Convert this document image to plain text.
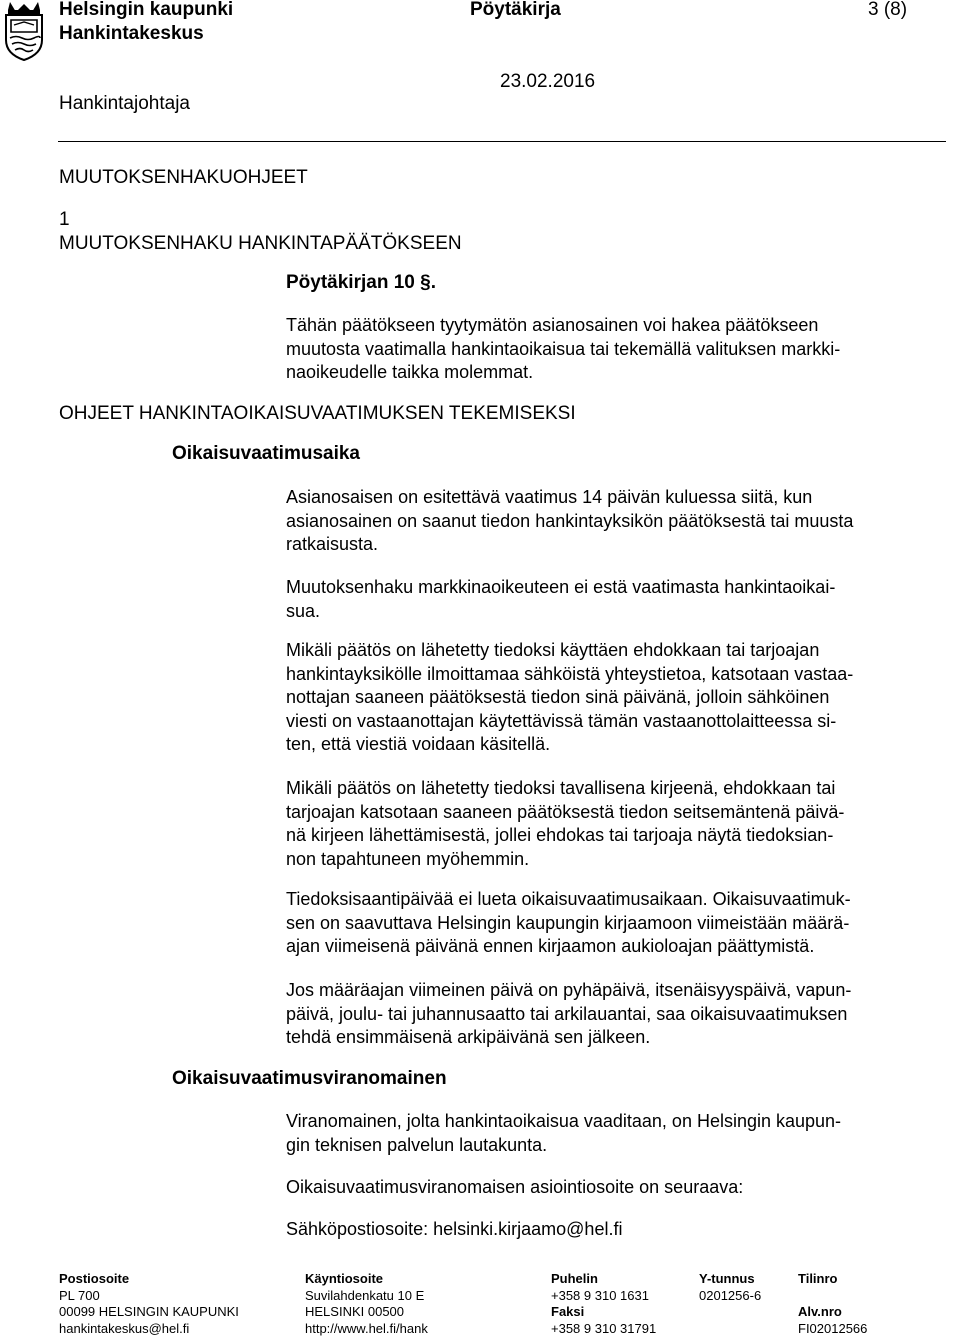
Helsingin kaupunki
Hankintakeskus
Pöytäkirja	3 (8)
23.02.2016
Hankintajohtaja
MUUTOKSENHAKUOHJEET
1
MUUTOKSENHAKU HANKINTAPÄÄTÖKSEEN
Pöytäkirjan 10 §.
Tähän päätökseen tyytymätön asianosainen voi hakea päätökseen
muutosta vaatimalla hankintaoikaisua tai tekemällä valituksen markki-
naoikeudelle taikka molemmat.
OHJEET HANKINTAOIKAISUVAATIMUKSEN TEKEMISEKSI
Oikaisuvaatimusaika
Asianosaisen on esitettävä vaatimus 14 päivän kuluessa siitä, kun
asianosainen on saanut tiedon hankintayksikön päätöksestä tai muusta
ratkaisusta.
Muutoksenhaku markkinaoikeuteen ei estä vaatimasta hankintaoikai-
sua.
Mikäli päätös on lähetetty tiedoksi käyttäen ehdokkaan tai tarjoajan
hankintayksikölle ilmoittamaa sähköistä yhteystietoa, katsotaan vastaa-
nottajan saaneen päätöksestä tiedon sinä päivänä, jolloin sähköinen
viesti on vastaanottajan käytettävissä tämän vastaanottolaitteessa si-
ten, että viestiä voidaan käsitellä.
Mikäli päätös on lähetetty tiedoksi tavallisena kirjeenä, ehdokkaan tai
tarjoajan katsotaan saaneen päätöksestä tiedon seitsemäntenä päivä-
nä kirjeen lähettämisestä, jollei ehdokas tai tarjoaja näytä tiedoksian-
non tapahtuneen myöhemmin.
Tiedoksisaantipäivää ei lueta oikaisuvaatimusaikaan. Oikaisuvaatimuk-
sen on saavuttava Helsingin kaupungin kirjaamoon viimeistään määrä-
ajan viimeisenä päivänä ennen kirjaamon aukioloajan päättymistä.
Jos määräajan viimeinen päivä on pyhäpäivä, itsenäisyyspäivä, vapun-
päivä, joulu- tai juhannusaatto tai arkilauantai, saa oikaisuvaatimuksen
tehdä ensimmäisenä arkipäivänä sen jälkeen.
Oikaisuvaatimusviranomainen
Viranomainen, jolta hankintaoikaisua vaaditaan, on Helsingin kaupun-
gin teknisen palvelun lautakunta.
Oikaisuvaatimusviranomaisen asiointiosoite on seuraava:
Sähköpostiosoite: helsinki.kirjaamo@hel.fi
Postiosoite
PL 700
00099 HELSINGIN KAUPUNKI
hankintakeskus@hel.fi
Käyntiosoite
Suvilahdenkatu 10 E
HELSINKI 00500
http://www.hel.fi/hank
Puhelin
+358 9 310 1631
Faksi
+358 9 310 31791
Y-tunnus
0201256-6
Tilinro

Alv.nro
FI02012566
